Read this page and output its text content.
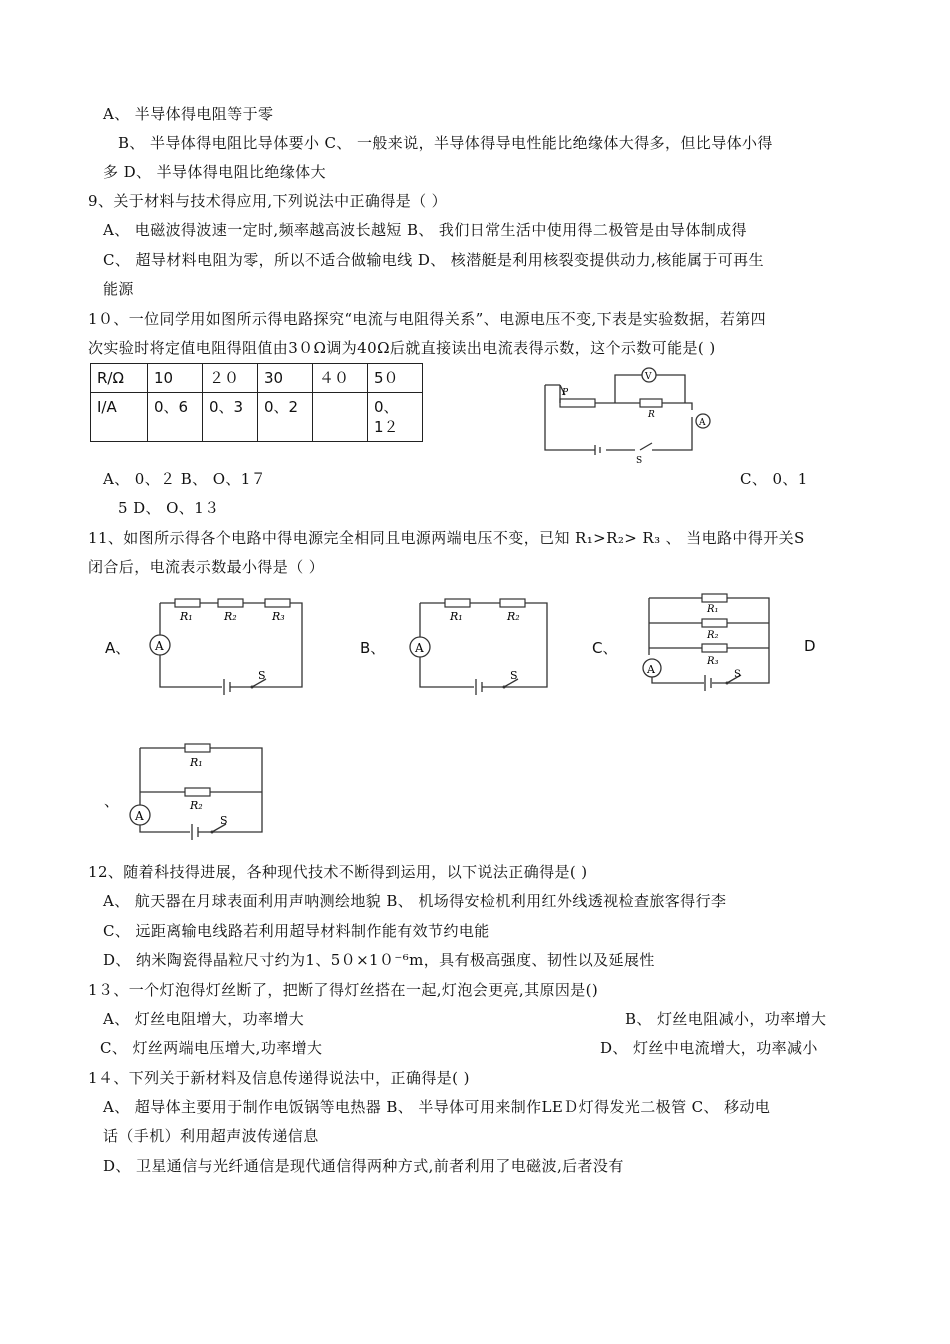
A、 半导体得电阻等于零
B、 半导体得电阻比导体要小 C、 一般来说，半导体得导电性能比绝缘体大得多，但比导体小得
多 D、 半导体得电阻比绝缘体大
9、关于材料与技术得应用,下列说法中正确得是（ ）
A、 电磁波得波速一定时,频率越高波长越短 B、 我们日常生活中使用得二极管是由导体制成得
C、 超导材料电阻为零，所以不适合做输电线 D、 核潜艇是利用核裂变提供动力,核能属于可再生
能源
1０、一位同学用如图所示得电路探究“电流与电阻得关系”、电源电压不变,下表是实验数据，若第四
次实验时将定值电阻得阻值由3０Ω调为40Ω后就直接读出电流表得示数，这个示数可能是( )
R/Ω	10	２０	30	４０	5０
I/A	0、6	0、3	0、2		0、
1２
V
A
P
R
S
A、 0、２ B、 O、1７	C、 0、1
5 D、 O、1３
11、如图所示得各个电路中得电源完全相同且电源两端电压不变，已知 R₁>R₂> R₃ 、 当电路中得开关S
闭合后，电流表示数最小得是（ ）
A、	B、	C、	D
、
R₁	R₂	R₃
A
S
R₁	R₂
A
S
R₁
R₂
R₃
A	S
R₁
R₂
A	S
12、随着科技得进展，各种现代技术不断得到运用，以下说法正确得是( )
A、 航天器在月球表面利用声呐测绘地貌 B、 机场得安检机利用红外线透视检查旅客得行李
C、 远距离输电线路若利用超导材料制作能有效节约电能
D、 纳米陶瓷得晶粒尺寸约为1、5０×1０⁻⁶m，具有极高强度、韧性以及延展性
1３、一个灯泡得灯丝断了，把断了得灯丝搭在一起,灯泡会更亮,其原因是()
A、 灯丝电阻增大，功率增大	B、 灯丝电阻减小，功率增大
C、 灯丝两端电压增大,功率增大	D、 灯丝中电流增大，功率减小
1４、下列关于新材料及信息传递得说法中，正确得是( )
A、 超导体主要用于制作电饭锅等电热器 B、 半导体可用来制作LEＤ灯得发光二极管 C、 移动电
话（手机）利用超声波传递信息
D、 卫星通信与光纤通信是现代通信得两种方式,前者利用了电磁波,后者没有
